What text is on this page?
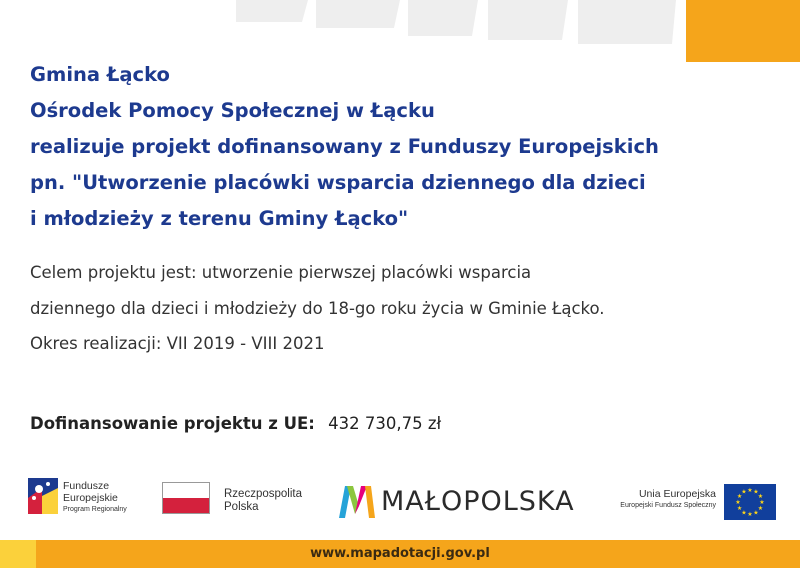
Gmina Łącko
Ośrodek Pomocy Społecznej w Łącku
realizuje projekt dofinansowany z Funduszy Europejskich
pn. "Utworzenie placówki wsparcia dziennego dla dzieci
i młodzieży z terenu Gminy Łącko"
Celem projektu jest: utworzenie pierwszej placówki wsparcia
dziennego dla dzieci i młodzieży do 18-go roku życia w Gminie Łącko.
Okres realizacji: VII 2019 - VIII 2021
Dofinansowanie projektu z UE: 432 730,75 zł
Fundusze
Europejskie
Program Regionalny
Rzeczpospolita
Polska	MAŁOPOLSKA	Unia Europejska
Europejski Fundusz Społeczny
★ ★
★
★
★
★
★
★
★
★
★
★
www.mapadotacji.gov.pl
